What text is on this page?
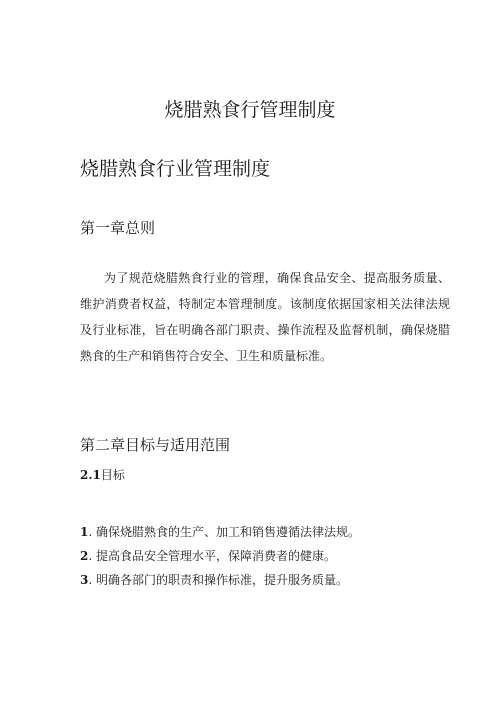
烧腊熟食行管理制度
烧腊熟食行业管理制度
第一章总则

为了规范烧腊熟食行业的管理，确保食品安全、提高服务质量、维护消费者权益，特制定本管理制度。该制度依据国家相关法律法规及行业标准，旨在明确各部门职责、操作流程及监督机制，确保烧腊熟食的生产和销售符合安全、卫生和质量标准。

第二章目标与适用范围

2.1目标

1. 确保烧腊熟食的生产、加工和销售遵循法律法规。
2. 提高食品安全管理水平，保障消费者的健康。
3. 明确各部门的职责和操作标准，提升服务质量。
